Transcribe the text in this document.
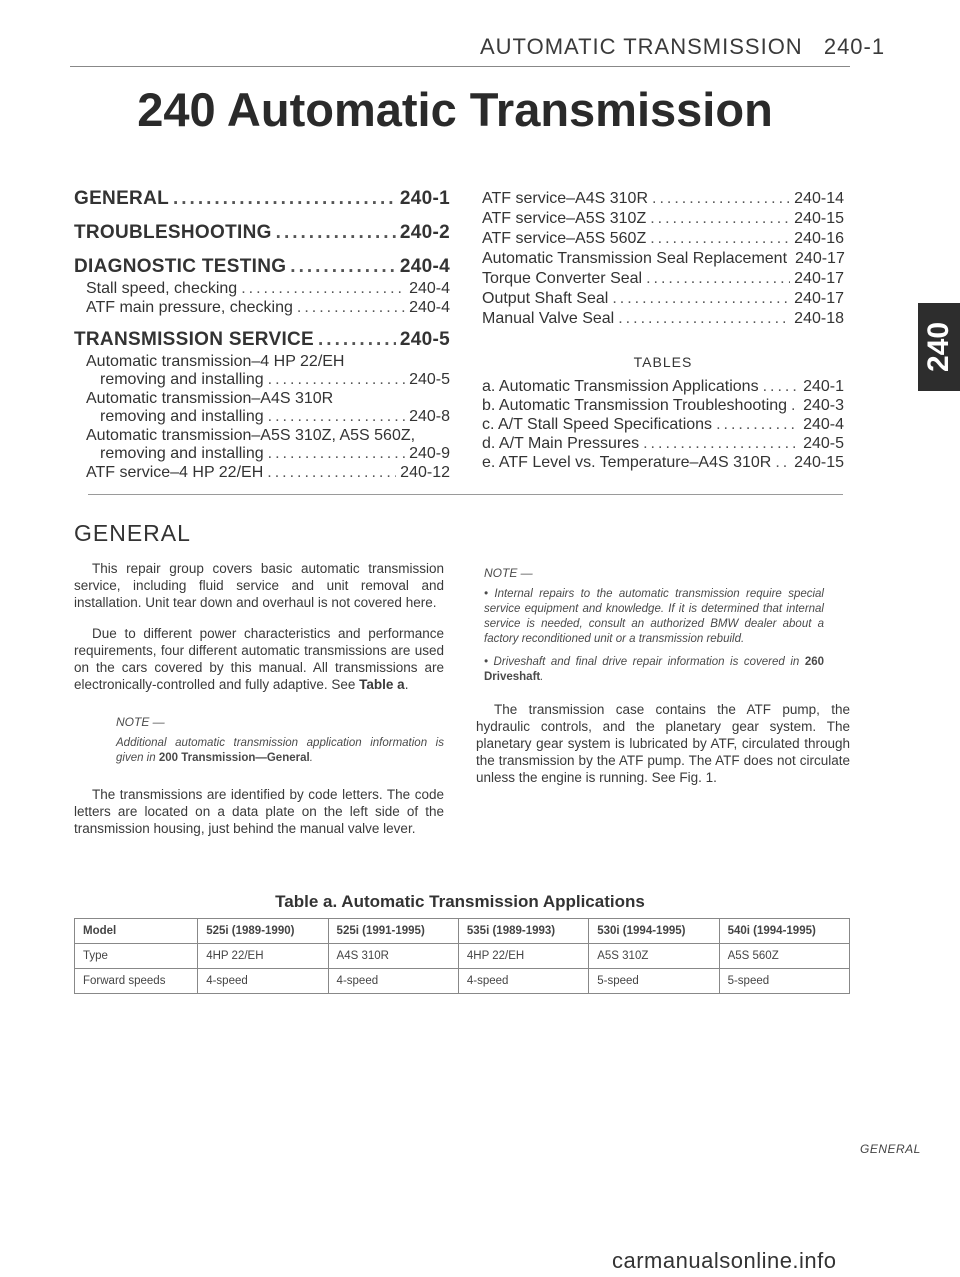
AUTOMATIC TRANSMISSION 240-1
240 Automatic Transmission
GENERAL .....	240-1
TROUBLESHOOTING .....	240-2
DIAGNOSTIC TESTING .....	240-4
Stall speed, checking .....	240-4
ATF main pressure, checking .....	240-4
TRANSMISSION SERVICE .....	240-5
Automatic transmission–4 HP 22/EH
removing and installing .....	240-5
Automatic transmission–A4S 310R
removing and installing .....	240-8
Automatic transmission–A5S 310Z, A5S 560Z,
removing and installing .....	240-9
ATF service–4 HP 22/EH .....	240-12
ATF service–A4S 310R .....	240-14
ATF service–A5S 310Z .....	240-15
ATF service–A5S 560Z .....	240-16
Automatic Transmission Seal Replacement 240-17
Torque Converter Seal .....	240-17
Output Shaft Seal .....	240-17
Manual Valve Seal .....	240-18
TABLES
a. Automatic Transmission Applications .....	240-1
b. Automatic Transmission Troubleshooting ..... 240-3
c. A/T Stall Speed Specifications .....	240-4
d. A/T Main Pressures .....	240-5
e. ATF Level vs. Temperature–A4S 310R ..... 240-15
240
GENERAL

This repair group covers basic automatic transmission service, including fluid service and unit removal and installation. Unit tear down and overhaul is not covered here.

Due to different power characteristics and performance requirements, four different automatic transmissions are used on the cars covered by this manual. All transmissions are electronically-controlled and fully adaptive. See Table a.

NOTE —
Additional automatic transmission application information is given in 200 Transmission—General.

The transmissions are identified by code letters. The code letters are located on a data plate on the left side of the transmission housing, just behind the manual valve lever.

NOTE —
• Internal repairs to the automatic transmission require special service equipment and knowledge. If it is determined that internal service is needed, consult an authorized BMW dealer about a factory reconditioned unit or a transmission rebuild.
• Driveshaft and final drive repair information is covered in 260 Driveshaft.

The transmission case contains the ATF pump, the hydraulic controls, and the planetary gear system. The planetary gear system is lubricated by ATF, circulated through the transmission by the ATF pump. The ATF does not circulate unless the engine is running. See Fig. 1.

Table a. Automatic Transmission Applications
Model	525i (1989-1990)	525i (1991-1995)	535i (1989-1993)	530i (1994-1995)	540i (1994-1995)
Type	4HP 22/EH	A4S 310R	4HP 22/EH	A5S 310Z	A5S 560Z
Forward speeds	4-speed	4-speed	4-speed	5-speed	5-speed
GENERAL
carmanualsonline.info
